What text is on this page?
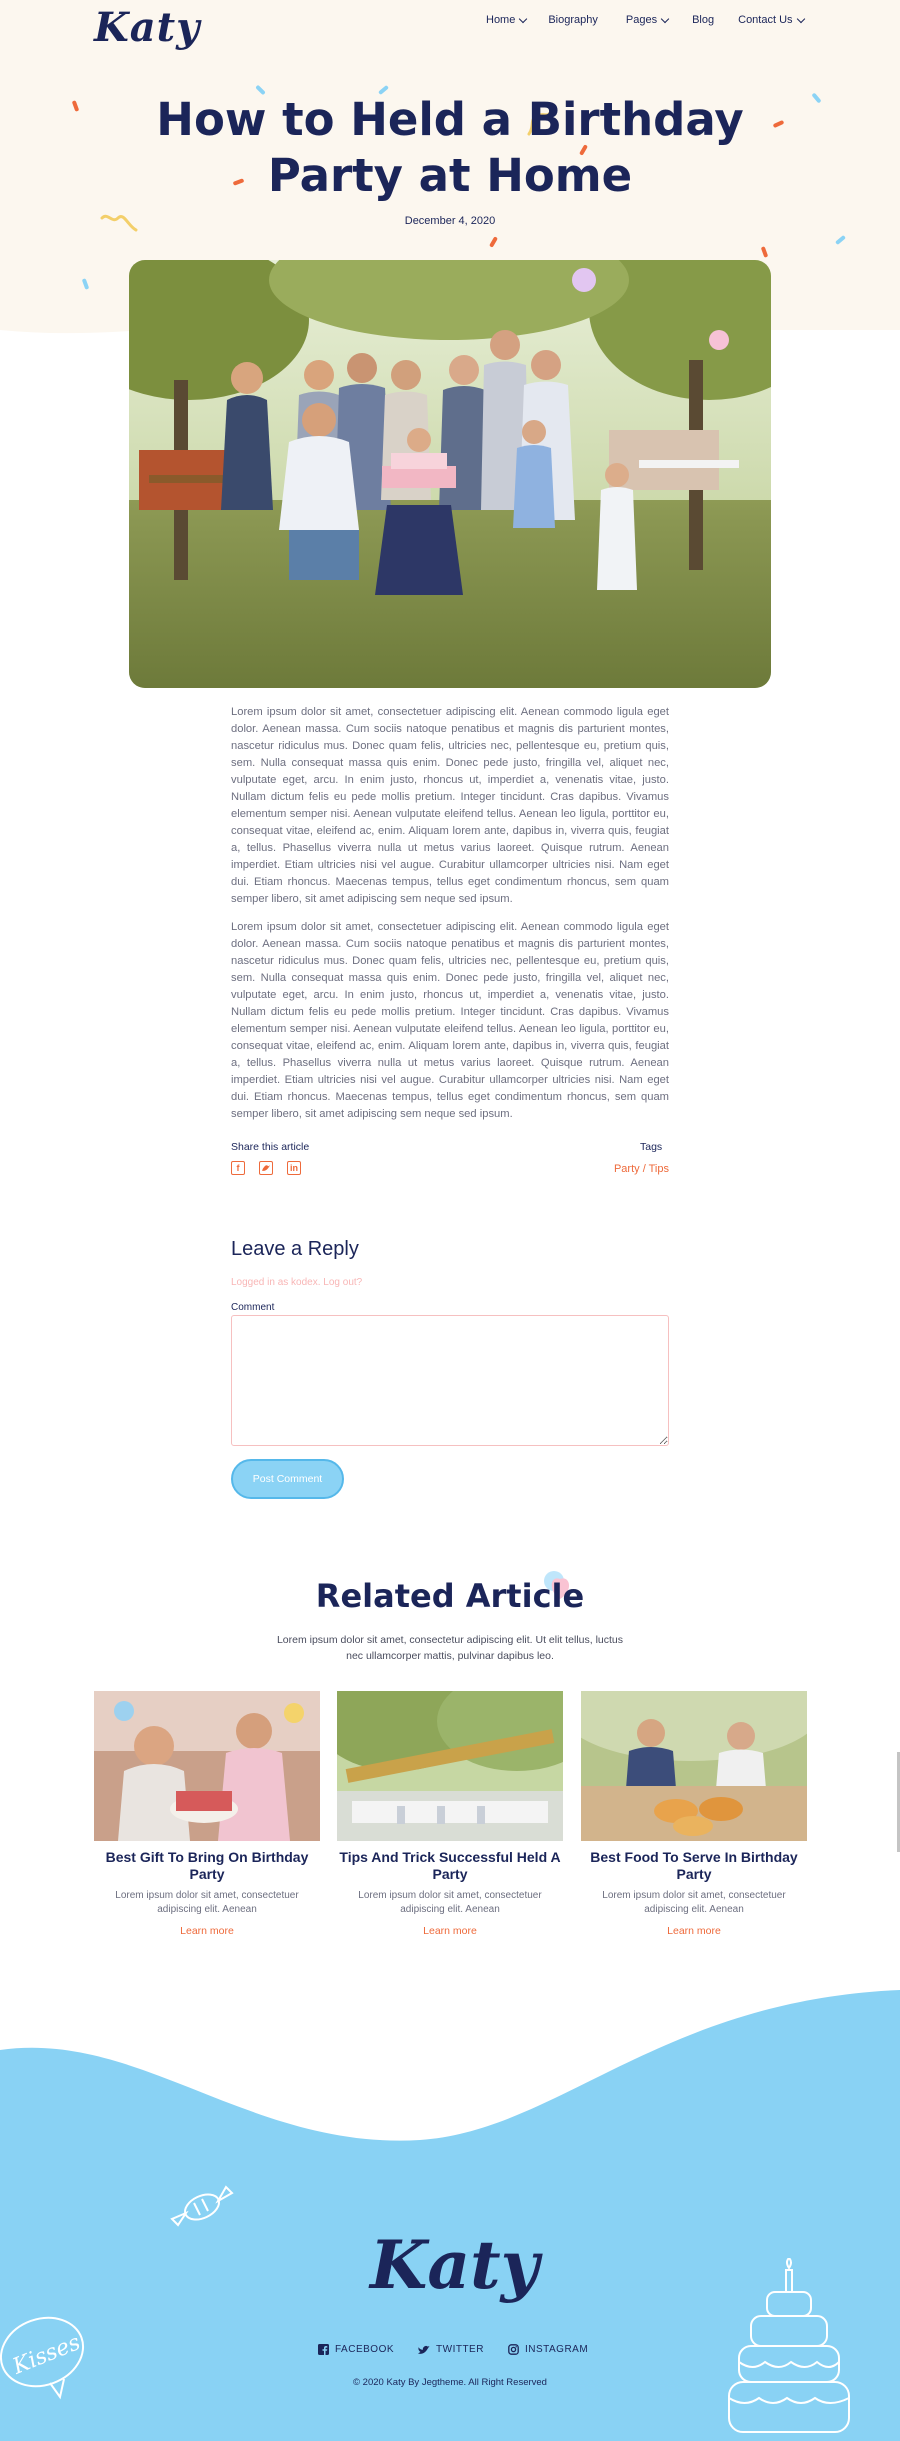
Katy	Home	Biography	Pages	Blog Contact Us
How to Held a Birthday Party at Home
December 4, 2020

Lorem ipsum dolor sit amet, consectetuer adipiscing elit. Aenean commodo ligula eget dolor. Aenean massa. Cum sociis natoque penatibus et magnis dis parturient montes, nascetur ridiculus mus. Donec quam felis, ultricies nec, pellentesque eu, pretium quis, sem. Nulla consequat massa quis enim. Donec pede justo, fringilla vel, aliquet nec, vulputate eget, arcu. In enim justo, rhoncus ut, imperdiet a, venenatis vitae, justo. Nullam dictum felis eu pede mollis pretium. Integer tincidunt. Cras dapibus. Vivamus elementum semper nisi. Aenean vulputate eleifend tellus. Aenean leo ligula, porttitor eu, consequat vitae, eleifend ac, enim. Aliquam lorem ante, dapibus in, viverra quis, feugiat a, tellus. Phasellus viverra nulla ut metus varius laoreet. Quisque rutrum. Aenean imperdiet. Etiam ultricies nisi vel augue. Curabitur ullamcorper ultricies nisi. Nam eget dui. Etiam rhoncus. Maecenas tempus, tellus eget condimentum rhoncus, sem quam semper libero, sit amet adipiscing sem neque sed ipsum.

Lorem ipsum dolor sit amet, consectetuer adipiscing elit. Aenean commodo ligula eget dolor. Aenean massa. Cum sociis natoque penatibus et magnis dis parturient montes, nascetur ridiculus mus. Donec quam felis, ultricies nec, pellentesque eu, pretium quis, sem. Nulla consequat massa quis enim. Donec pede justo, fringilla vel, aliquet nec, vulputate eget, arcu. In enim justo, rhoncus ut, imperdiet a, venenatis vitae, justo. Nullam dictum felis eu pede mollis pretium. Integer tincidunt. Cras dapibus. Vivamus elementum semper nisi. Aenean vulputate eleifend tellus. Aenean leo ligula, porttitor eu, consequat vitae, eleifend ac, enim. Aliquam lorem ante, dapibus in, viverra quis, feugiat a, tellus. Phasellus viverra nulla ut metus varius laoreet. Quisque rutrum. Aenean imperdiet. Etiam ultricies nisi vel augue. Curabitur ullamcorper ultricies nisi. Nam eget dui. Etiam rhoncus. Maecenas tempus, tellus eget condimentum rhoncus, sem quam semper libero, sit amet adipiscing sem neque sed ipsum.

Share this article	Tags
f	in	Party / Tips
Leave a Reply
Logged in as kodex. Log out?
Comment
Post Comment
Related Article

Lorem ipsum dolor sit amet, consectetur adipiscing elit. Ut elit tellus, luctus nec ullamcorper mattis, pulvinar dapibus leo.

Best Gift To Bring On Birthday Party
Lorem ipsum dolor sit amet, consectetuer adipiscing elit. Aenean
Learn more
Tips And Trick Successful Held A Party
Lorem ipsum dolor sit amet, consectetuer adipiscing elit. Aenean
Learn more
Best Food To Serve In Birthday Party
Lorem ipsum dolor sit amet, consectetuer adipiscing elit. Aenean
Learn more
Kisses
Katy
FACEBOOK	TWITTER	INSTAGRAM
© 2020 Katy By Jegtheme. All Right Reserved
